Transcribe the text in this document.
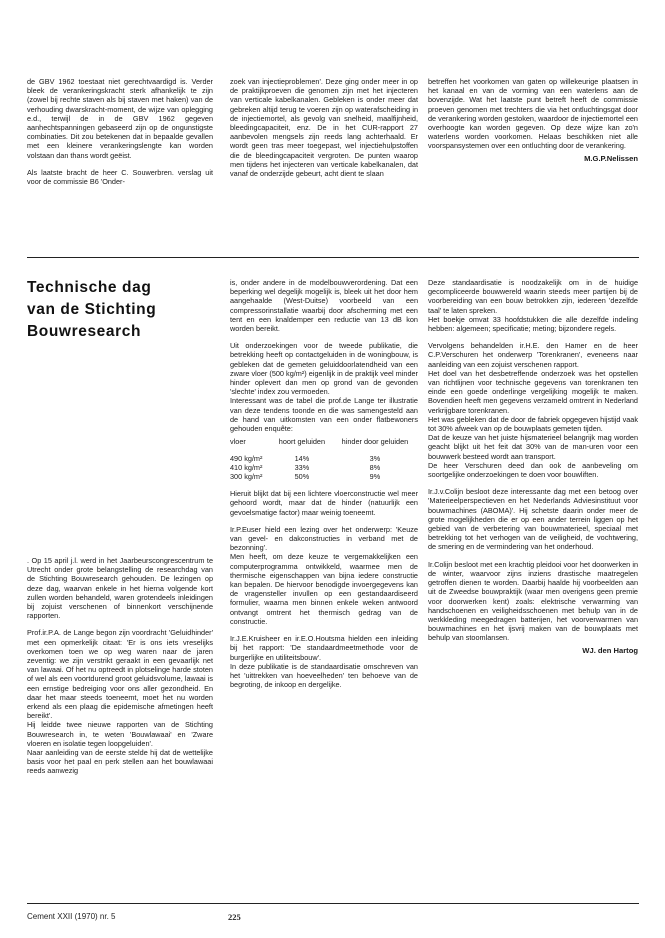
de GBV 1962 toestaat niet gerechtvaardigd is. Verder bleek de verankeringskracht sterk afhankelijk te zijn (zowel bij rechte staven als bij staven met haken) van de verhouding dwarskracht-moment, de wijze van oplegging e.d., terwijl de in de GBV 1962 gegeven aanhechtspanningen gebaseerd zijn op de ongunstigste combinaties. Dit zou betekenen dat in bepaalde gevallen met een kleinere verankeringslengte kan worden volstaan dan thans wordt geëist.

Als laatste bracht de heer C. Souwerbren. verslag uit voor de commissie B6 'Onder-

zoek van injectieproblemen'. Deze ging onder meer in op de praktijkproeven die genomen zijn met het injecteren van verticale kabelkanalen. Gebleken is onder meer dat gebreken altijd terug te voeren zijn op waterafscheiding in de injectiemortel, als gevolg van snelheid, maalfijnheid, bleedingcapaciteit, enz. De in het CUR-rapport 27 aanbevolen mengsels zijn reeds lang achterhaald. Er wordt geen tras meer toegepast, wel injectiehulpstoffen die de bleedingcapaciteit vergroten. De punten waarop men tijdens het injecteren van verticale kabelkanalen, dat vanaf de onderzijde gebeurt, acht dient te slaan

betreffen het voorkomen van gaten op willekeurige plaatsen in het kanaal en van de vorming van een waterlens aan de bovenzijde. Wat het laatste punt betreft heeft de commissie proeven genomen met trechters die via het ontluchtingsgat door de verankering worden gestoken, waardoor de injectiemortel een overhoogte kan worden gegeven. Op deze wijze kan zo'n waterlens worden voorkomen. Helaas beschikken niet alle voorspansystemen over een ontluchting door de verankering.

M.G.P.Nelissen
Technische dag
van de Stichting
Bouwresearch

. Op 15 april j.l. werd in het Jaarbeurscongrescentrum te Utrecht onder grote belangstelling de researchdag van de Stichting Bouwresearch gehouden. De lezingen op deze dag, waarvan enkele in het hierna volgende kort zullen worden behandeld, waren grotendeels inleidingen bij zojuist verschenen of binnenkort verschijnende rapporten.

Prof.ir.P.A. de Lange begon zijn voordracht 'Geluidhinder' met een opmerkelijk citaat: 'Er is ons iets vreselijks overkomen toen we op weg waren naar de jaren zeventig: we zijn verstrikt geraakt in een gevaarlijk net van lawaai. Of het nu optreedt in plotselinge harde stoten of wel als een voortdurend groot geluidsvolume, lawaai is een ernstige bedreiging voor ons aller gezondheid. En daar het maar steeds toeneemt, moet het nu worden erkend als een plaag die epidemische afmetingen heeft bereikt'.

Hij leidde twee nieuwe rapporten van de Stichting Bouwresearch in, te weten 'Bouwlawaai' en 'Zware vloeren en isolatie tegen loopgeluiden'.

Naar aanleiding van de eerste stelde hij dat de wettelijke basis voor het paal en perk stellen aan het bouwlawaai reeds aanwezig

is, onder andere in de modelbouwverordening. Dat een beperking wel degelijk mogelijk is, bleek uit het door hem aangehaalde (West-Duitse) voorbeeld van een compressorinstallatie waarbij door afscherming met een tent en een knaldemper een reductie van 13 dB kon worden bereikt.

Uit onderzoekingen voor de tweede publikatie, die betrekking heeft op contactgeluiden in de woningbouw, is gebleken dat de gemeten geluiddoorlatendheid van een zware vloer (500 kg/m²) eigenlijk in de praktijk veel minder hinder oplevert dan men op grond van de gevonden 'slechte' index zou vermoeden.

Interessant was de tabel die prof.de Lange ter illustratie van deze tendens toonde en die was samengesteld aan de hand van uitkomsten van een onder flatbewoners gehouden enquête:

vloer	hoort geluiden	hinder door geluiden

490 kg/m²	14%	3%
410 kg/m²	33%	8%
300 kg/m²	50%	9%

Hieruit blijkt dat bij een lichtere vloerconstructie wel meer gehoord wordt, maar dat de hinder (natuurlijk een gevoelsmatige factor) maar weinig toeneemt.

Ir.P.Euser hield een lezing over het onderwerp: 'Keuze van gevel- en dakconstructies in verband met de bezonning'.

Men heeft, om deze keuze te vergemakkelijken een computerprogramma ontwikkeld, waarmee men de thermische eigenschappen van bijna iedere constructie kan bepalen. De hiervoor benodigde invoergegevens kan de vragensteller invullen op een gestandaardiseerd formulier, waarna men binnen enkele weken antwoord ontvangt omtrent het thermisch gedrag van de constructie.

Ir.J.E.Kruisheer en ir.E.O.Houtsma hielden een inleiding bij het rapport: 'De standaardmeetmethode voor de burgerlijke en utiliteitsbouw'.

In deze publikatie is de standaardisatie omschreven van het 'uittrekken van hoeveelheden' ten behoeve van de begroting, de inkoop en dergelijke.

Deze standaardisatie is noodzakelijk om in de huidige gecompliceerde bouwwereld waarin steeds meer partijen bij de voorbereiding van een bouw betrokken zijn, iedereen 'dezelfde taal' te laten spreken.

Het boekje omvat 33 hoofdstukken die alle dezelfde indeling hebben: algemeen; specificatie; meting; bijzondere regels.

Vervolgens behandelden ir.H.E. den Hamer en de heer C.P.Verschuren het onderwerp 'Torenkranen', eveneens naar aanleiding van een zojuist verschenen rapport.

Het doel van het desbetreffende onderzoek was het opstellen van richtlijnen voor technische gegevens van torenkranen ten einde een goede onderlinge vergelijking mogelijk te maken. Bovendien heeft men gegevens verzameld omtrent in Nederland verkrijgbare torenkranen.

Het was gebleken dat de door de fabriek opgegeven hijstijd vaak tot 30% afweek van op de bouwplaats gemeten tijden.

Dat de keuze van het juiste hijsmaterieel belangrijk mag worden geacht blijkt uit het feit dat 30% van de man-uren voor een bouwwerk besteed wordt aan transport.

De heer Verschuren deed dan ook de aanbeveling om soortgelijke onderzoekingen te doen voor bouwliften.

Ir.J.v.Colijn besloot deze interessante dag met een betoog over 'Materieelperspectieven en het Nederlands Adviesinstituut voor bouwmachines (ABOMA)'. Hij schetste daarin onder meer de grote mogelijkheden die er op een ander terrein liggen op het gebied van de verbetering van bouwmaterieel, speciaal met betrekking tot het verhogen van de veiligheid, de vochtwering, de smering en de vermindering van het onderhoud.

Ir.Colijn besloot met een krachtig pleidooi voor het doorwerken in de winter, waarvoor zijns inziens drastische maatregelen getroffen dienen te worden. Daarbij haalde hij voorbeelden aan uit de Zweedse bouwpraktijk (waar men overigens geen premie voor doorwerken kent) zoals: elektrische verwarming van handschoenen en veiligheidsschoenen met behulp van in de werkkleding meegedragen batterijen, het voorverwarmen van bouwmachines en het ijsvrij maken van de bouwplaats met behulp van stoomlansen.

WJ. den Hartog
Cement XXII (1970) nr. 5	225
